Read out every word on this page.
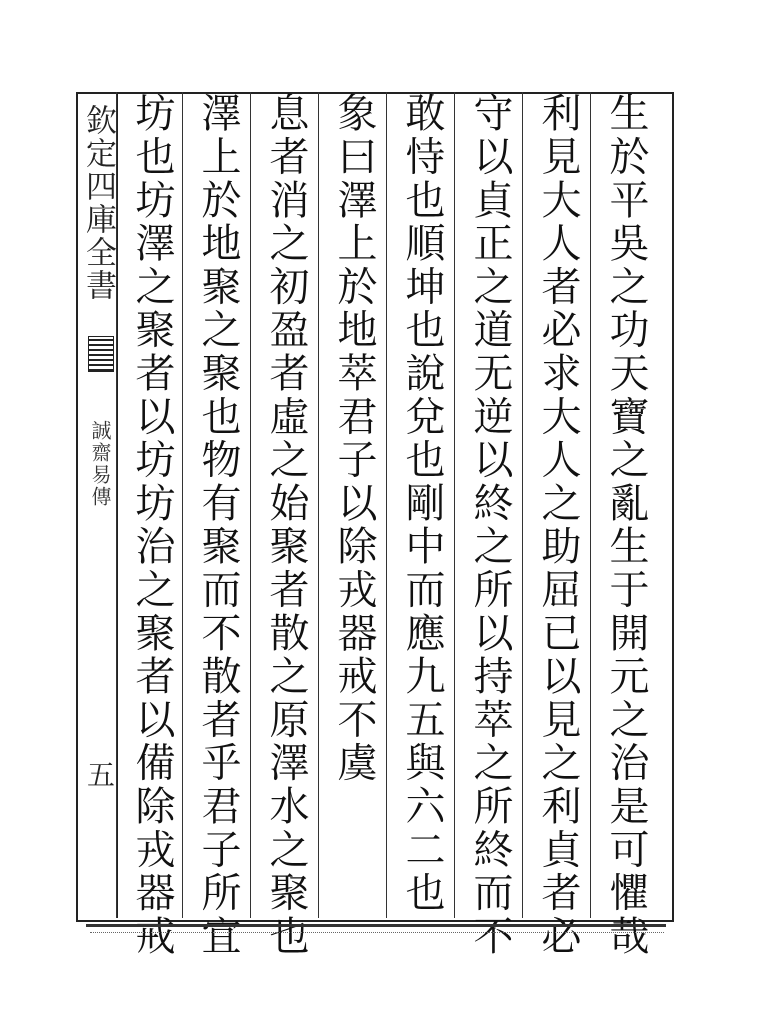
欽定四庫全書
誠齋易傳
五	生於平吳之功天寶之亂生于開元之治是可懼哉
利見大人者必求大人之助屈已以見之利貞者必
守以貞正之道无逆以終之所以持萃之所終而不
敢恃也順坤也說兌也剛中而應九五與六二也
象曰澤上於地萃君子以除戎器戒不虞
息者消之初盈者虛之始聚者散之原澤水之聚也
澤上於地聚之聚也物有聚而不散者乎君子所宜
坊也坊澤之聚者以坊坊治之聚者以備除戎器戒
